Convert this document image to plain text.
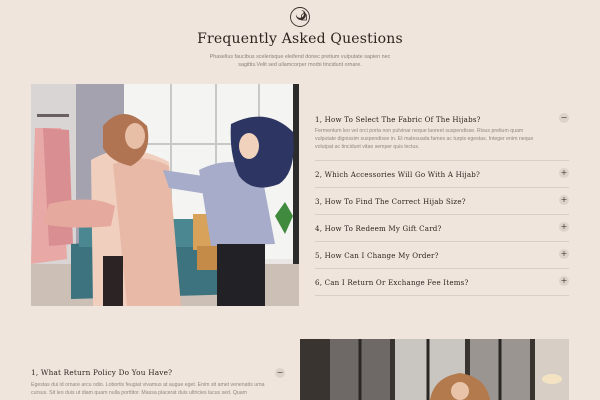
Frequently Asked Questions
Phasellus faucibus scelerisque eleifend donec pretium vulputate sapien nec sagittis.Velit sed ullamcorper morbi tincidunt ornare.
1, How To Select The Fabric Of The Hijabs?	−
Fermentum leo vel orci porta non pulvinar neque laoreet suspendisse. Risus pretium quam vulputate dignissim suspendisse in. Et malesuada fames ac turpis egestas. Integer enim neque volutpat ac tincidunt vitae semper quis lectus.
2, Which Accessories Will Go With A Hijab?	+
3, How To Find The Correct Hijab Size?	+
4, How To Redeem My Gift Card?	+
5, How Can I Change My Order?	+
6, Can I Return Or Exchange Fee Items?	+
1, What Return Policy Do You Have?	−
Egestas dui id ornare arcu odio. Lobortis feugiat vivamus at augue eget. Enim sit amet venenatis urna cursus. Sit leo duis ut diam quam nulla porttitor. Massa placerat duis ultricies lacus sed. Quam
